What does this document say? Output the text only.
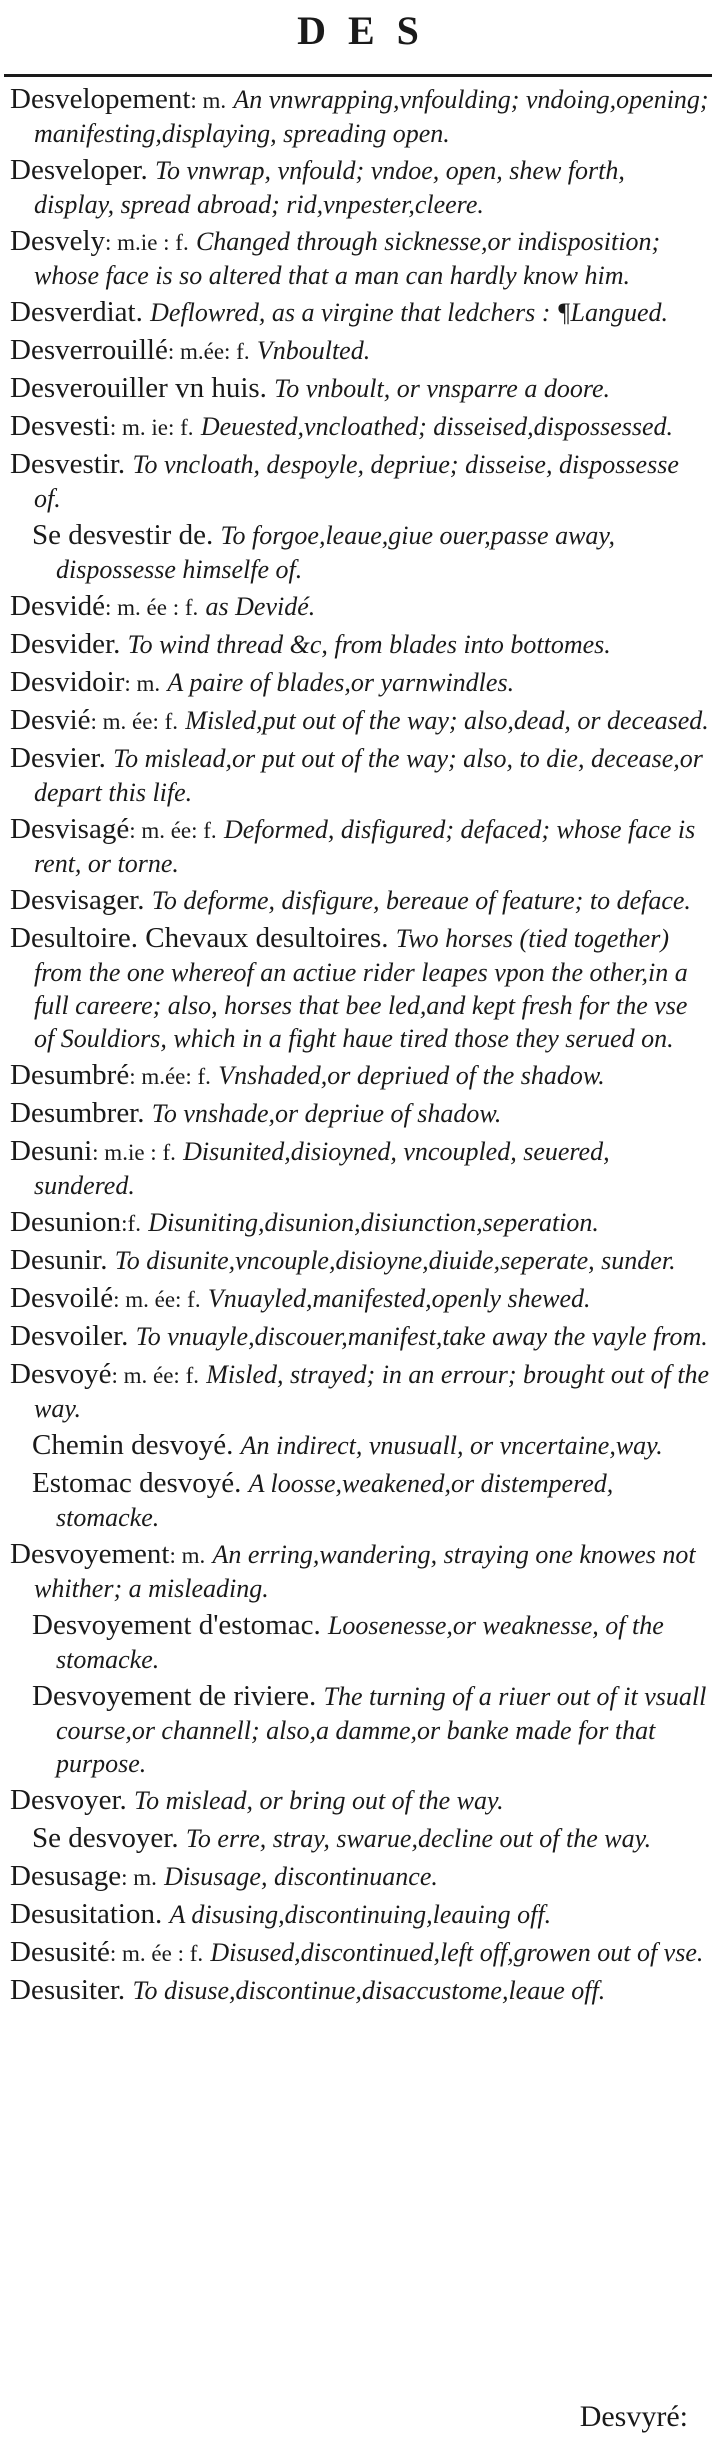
DES
Desvelopement: m. An vnwrapping,vnfoulding; vndoing,opening; manifesting,displaying, spreading open.
Desveloper. To vnwrap, vnfould; vndoe, open, shew forth, display, spread abroad; rid,vnpester,cleere.
Desvely: m.ie : f. Changed through sicknesse,or indisposition; whose face is so altered that a man can hardly know him.
Desverdiat. Deflowred, as a virgine that ledchers : ¶Langued.
Desverrouillé: m.ée: f. Vnboulted.
Desverouiller vn huis. To vnboult, or vnsparre a doore.
Desvesti: m. ie: f. Deuested,vncloathed; disseised,dispossessed.
Desvestir. To vncloath, despoyle, depriue; disseise, dispossesse of.
Se desvestir de. To forgoe,leaue,giue ouer,passe away, dispossesse himselfe of.
Desvidé: m. ée : f. as Devidé.
Desvider. To wind thread &c, from blades into bottomes.
Desvidoir: m. A paire of blades,or yarnwindles.
Desvié: m. ée: f. Misled,put out of the way; also,dead, or deceased.
Desvier. To mislead,or put out of the way; also, to die, decease,or depart this life.
Desvisagé: m. ée: f. Deformed, disfigured; defaced; whose face is rent, or torne.
Desvisager. To deforme, disfigure, bereaue of feature; to deface.
Desultoire. Chevaux desultoires. Two horses (tied together) from the one whereof an actiue rider leapes vpon the other,in a full careere; also, horses that bee led,and kept fresh for the vse of Souldiors, which in a fight haue tired those they serued on.
Desumbré: m.ée: f. Vnshaded,or depriued of the shadow.
Desumbrer. To vnshade,or depriue of shadow.
Desuni: m.ie : f. Disunited,disioyned, vncoupled, seuered, sundered.
Desunion:f. Disuniting,disunion,disiunction,seperation.
Desunir. To disunite,vncouple,disioyne,diuide,seperate, sunder.
Desvoilé: m. ée: f. Vnuayled,manifested,openly shewed.
Desvoiler. To vnuayle,discouer,manifest,take away the vayle from.
Desvoyé: m. ée: f. Misled, strayed; in an errour; brought out of the way.
Chemin desvoyé. An indirect, vnusuall, or vncertaine,way.
Estomac desvoyé. A loosse,weakened,or distempered, stomacke.
Desvoyement: m. An erring,wandering, straying one knowes not whither; a misleading.
Desvoyement d'estomac. Loosenesse,or weaknesse, of the stomacke.
Desvoyement de riviere. The turning of a riuer out of it vsuall course,or channell; also,a damme,or banke made for that purpose.
Desvoyer. To mislead, or bring out of the way.
Se desvoyer. To erre, stray, swarue,decline out of the way.
Desusage: m. Disusage, discontinuance.
Desusitation. A disusing,discontinuing,leauing off.
Desusité: m. ée : f. Disused,discontinued,left off,growen out of vse.
Desusiter. To disuse,discontinue,disaccustome,leaue off.
Desvyré:
